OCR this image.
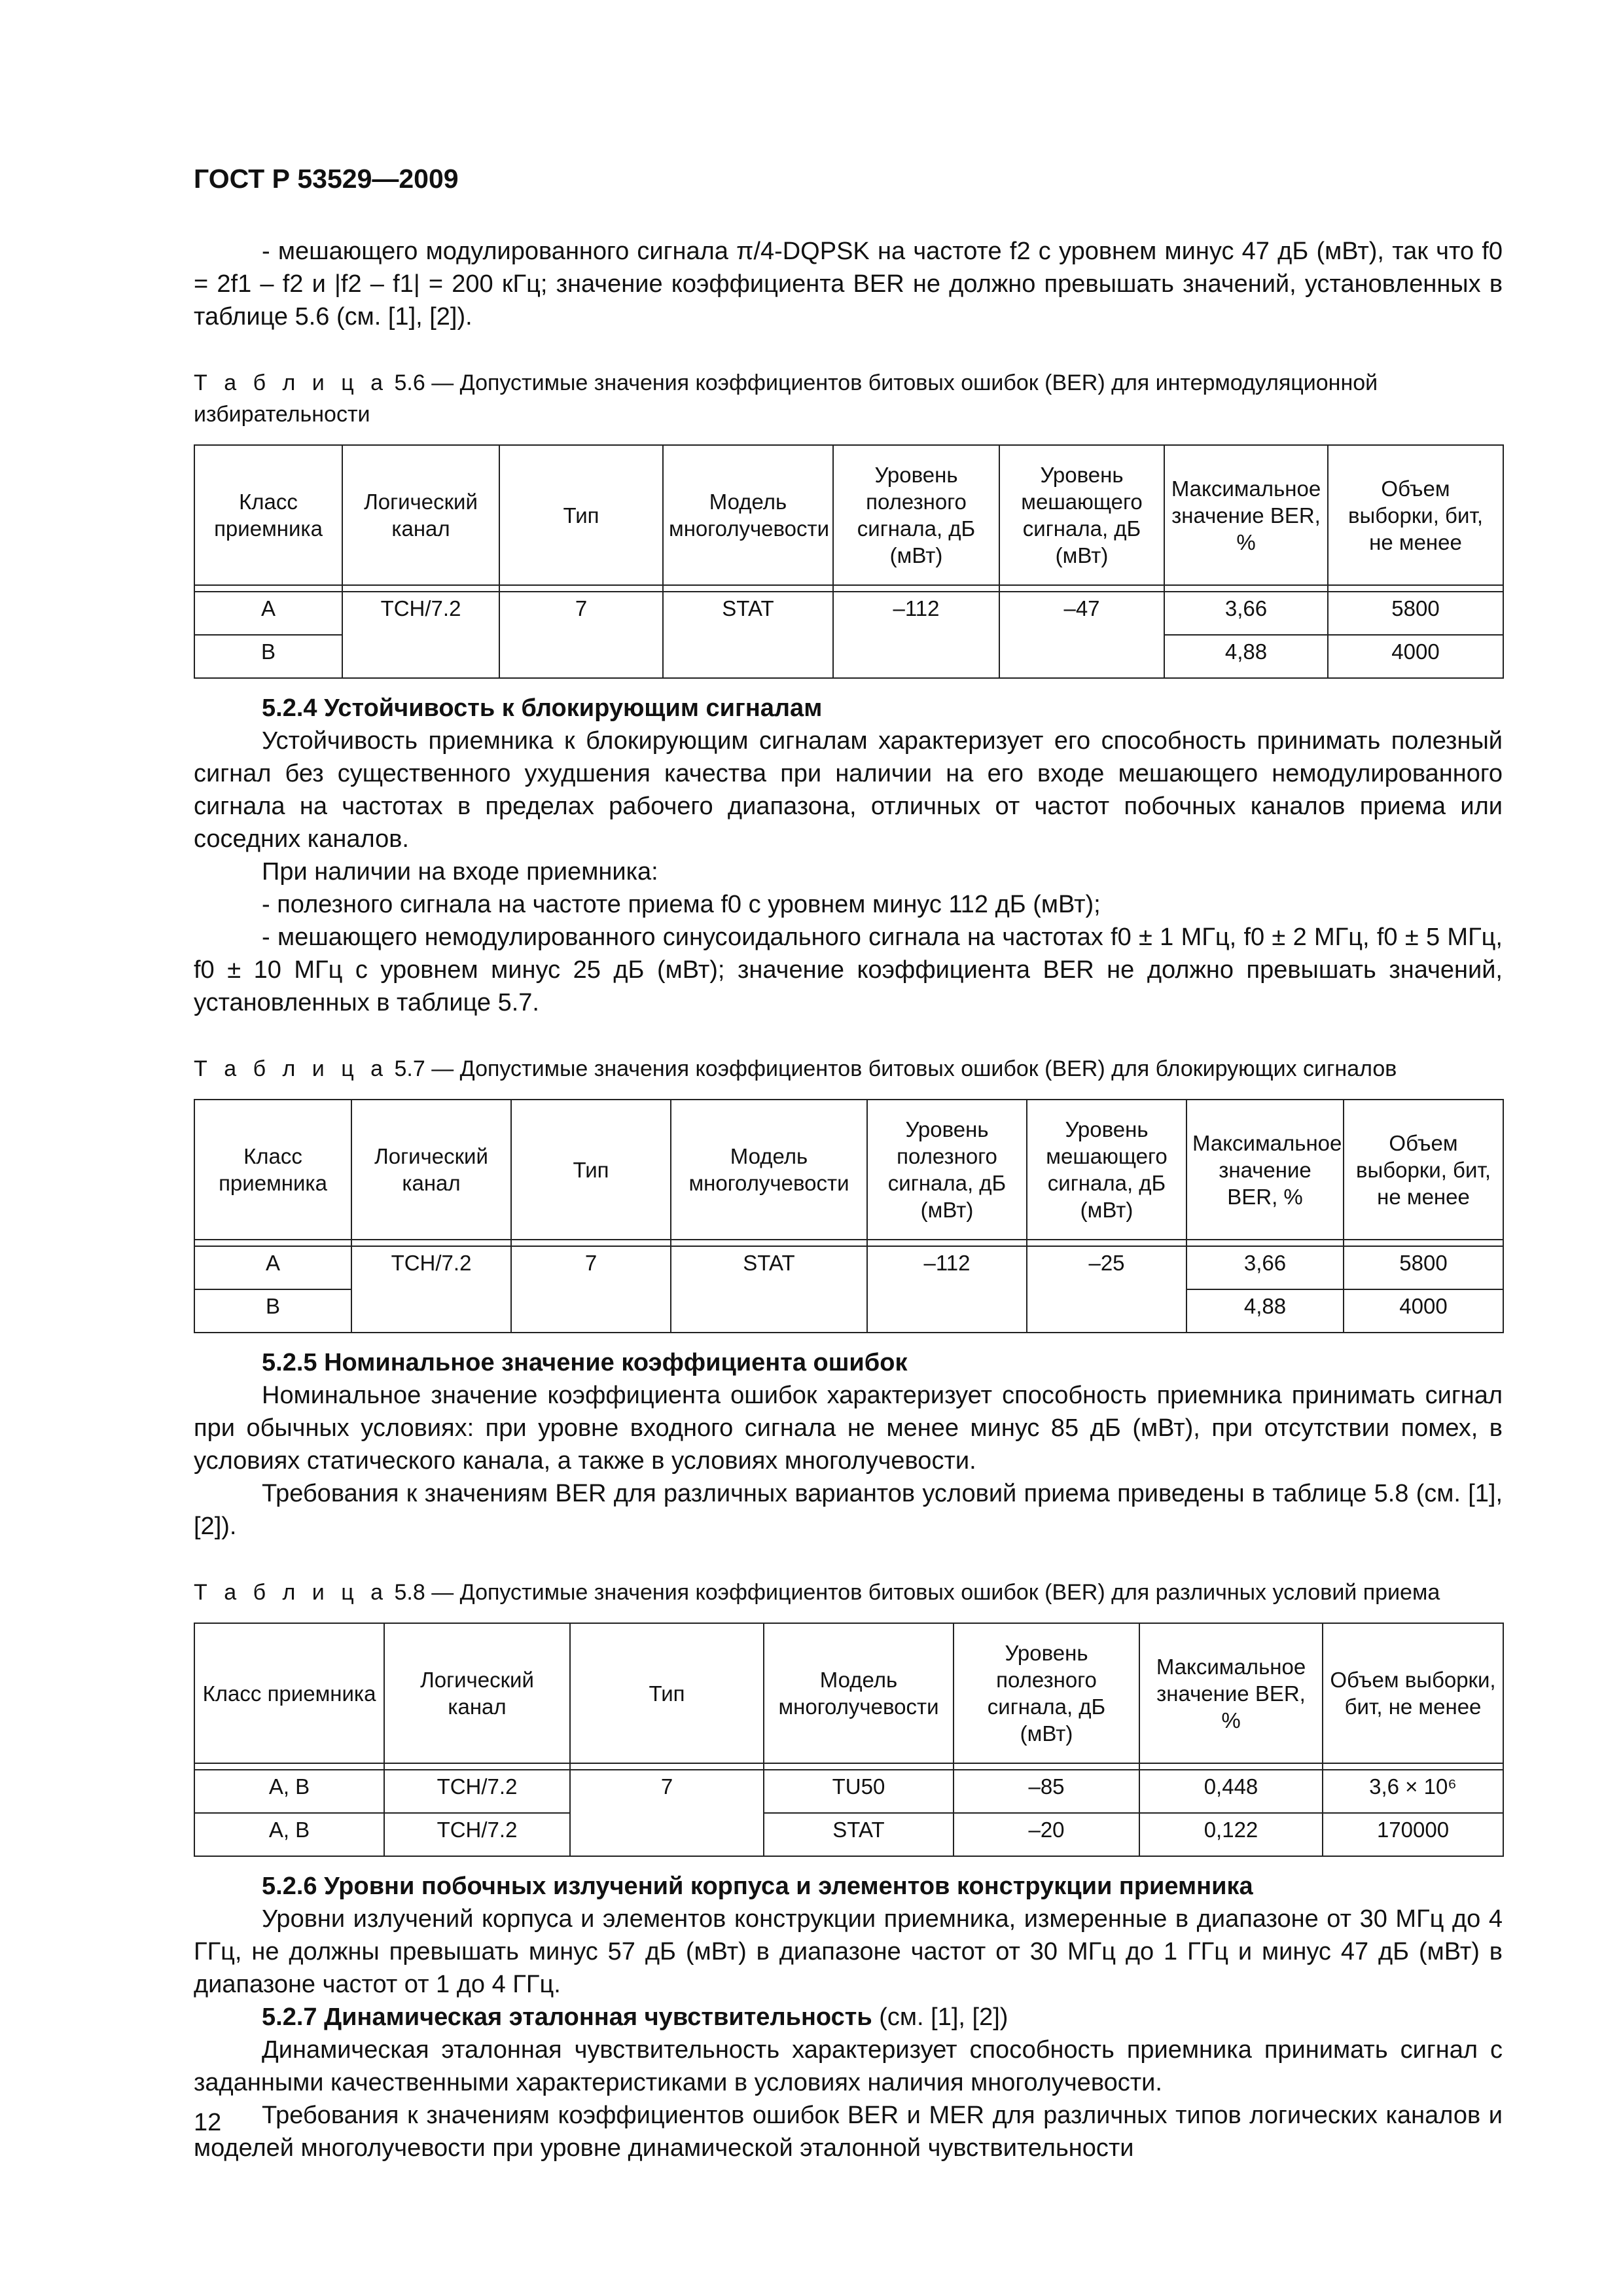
ГОСТ Р 53529—2009

- мешающего модулированного сигнала π/4-DQPSK на частоте f2 с уровнем минус 47 дБ (мВт), так что f0 = 2f1 – f2 и |f2 – f1| = 200 кГц; значение коэффициента BER не должно превышать значений, установленных в таблице 5.6 (см. [1], [2]).

Т а б л и ц а 5.6 — Допустимые значения коэффициентов битовых ошибок (BER) для интермодуляционной избирательности
Класс приемника	Логический канал	Тип	Модель многолучевости	Уровень полезного сигнала, дБ (мВт)	Уровень мешающего сигнала, дБ (мВт)	Максимальное значение BER, %	Объем выборки, бит, не менее

А	TCH/7.2	7	STAT	–112	–47	3,66	5800
В						4,88	4000

5.2.4 Устойчивость к блокирующим сигналам

Устойчивость приемника к блокирующим сигналам характеризует его способность принимать полезный сигнал без существенного ухудшения качества при наличии на его входе мешающего немодулированного сигнала на частотах в пределах рабочего диапазона, отличных от частот побочных каналов приема или соседних каналов.

При наличии на входе приемника:

- полезного сигнала на частоте приема f0 с уровнем минус 112 дБ (мВт);

- мешающего немодулированного синусоидального сигнала на частотах f0 ± 1 МГц, f0 ± 2 МГц, f0 ± 5 МГц, f0 ± 10 МГц с уровнем минус 25 дБ (мВт); значение коэффициента BER не должно превышать значений, установленных в таблице 5.7.

Т а б л и ц а 5.7 — Допустимые значения коэффициентов битовых ошибок (BER) для блокирующих сигналов
Класс приемника	Логический канал	Тип	Модель многолучевости	Уровень полезного сигнала, дБ (мВт)	Уровень мешающего сигнала, дБ (мВт)	Максимальное значение BER, %	Объем выборки, бит, не менее

А	TCH/7.2	7	STAT	–112	–25	3,66	5800
В						4,88	4000

5.2.5 Номинальное значение коэффициента ошибок

Номинальное значение коэффициента ошибок характеризует способность приемника принимать сигнал при обычных условиях: при уровне входного сигнала не менее минус 85 дБ (мВт), при отсутствии помех, в условиях статического канала, а также в условиях многолучевости.

Требования к значениям BER для различных вариантов условий приема приведены в таблице 5.8 (см. [1], [2]).

Т а б л и ц а 5.8 — Допустимые значения коэффициентов битовых ошибок (BER) для различных условий приема
Класс приемника	Логический канал	Тип	Модель многолучевости	Уровень полезного сигнала, дБ (мВт)	Максимальное значение BER, %	Объем выборки, бит, не менее

А, В	TCH/7.2	7	TU50	–85	0,448	3,6 × 10⁶
А, В	TCH/7.2		STAT	–20	0,122	170000

5.2.6 Уровни побочных излучений корпуса и элементов конструкции приемника

Уровни излучений корпуса и элементов конструкции приемника, измеренные в диапазоне от 30 МГц до 4 ГГц, не должны превышать минус 57 дБ (мВт) в диапазоне частот от 30 МГц до 1 ГГц и минус 47 дБ (мВт) в диапазоне частот от 1 до 4 ГГц.

5.2.7 Динамическая эталонная чувствительность (см. [1], [2])

Динамическая эталонная чувствительность характеризует способность приемника принимать сигнал с заданными качественными характеристиками в условиях наличия многолучевости.

Требования к значениям коэффициентов ошибок BER и MER для различных типов логических каналов и моделей многолучевости при уровне динамической эталонной чувствительности

12
